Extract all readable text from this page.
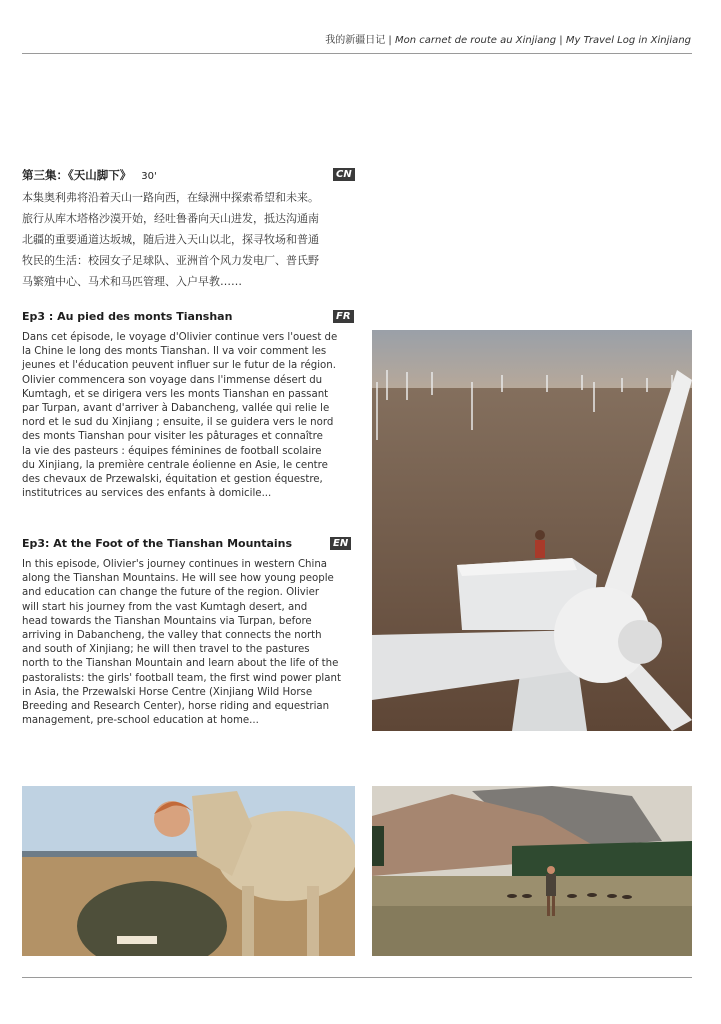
我的新疆日记 | Mon carnet de route au Xinjiang | My Travel Log in Xinjiang
第三集：《天山脚下》 30'	CN
本集奥利弗将沿着天山一路向西，在绿洲中探索希望和未来。
旅行从库木塔格沙漠开始，经吐鲁番向天山进发，抵达沟通南
北疆的重要通道达坂城，随后进入天山以北，探寻牧场和普通
牧民的生活：校园女子足球队、亚洲首个风力发电厂、普氏野
马繁殖中心、马术和马匹管理、入户早教……
Ep3 : Au pied des monts Tianshan	FR
Dans cet épisode, le voyage d'Olivier continue vers l'ouest de
la Chine le long des monts Tianshan. Il va voir comment les
jeunes et l'éducation peuvent influer sur le futur de la région.
Olivier commencera son voyage dans l'immense désert du
Kumtagh, et se dirigera vers les monts Tianshan en passant
par Turpan, avant d'arriver à Dabancheng, vallée qui relie le
nord et le sud du Xinjiang ; ensuite, il se guidera vers le nord
des monts Tianshan pour visiter les pâturages et connaître
la vie des pasteurs : équipes féminines de football scolaire
du Xinjiang, la première centrale éolienne en Asie, le centre
des chevaux de Przewalski, équitation et gestion équestre,
institutrices au services des enfants à domicile...
Ep3: At the Foot of the Tianshan Mountains	EN
In this episode, Olivier's journey continues in western China
along the Tianshan Mountains. He will see how young people
and education can change the future of the region. Olivier
will start his journey from the vast Kumtagh desert, and
head towards the Tianshan Mountains via Turpan, before
arriving in Dabancheng, the valley that connects the north
and south of Xinjiang; he will then travel to the pastures
north to the Tianshan Mountain and learn about the life of the
pastoralists: the girls' football team, the first wind power plant
in Asia, the Przewalski Horse Centre (Xinjiang Wild Horse
Breeding and Research Center), horse riding and equestrian
management, pre-school education at home...
